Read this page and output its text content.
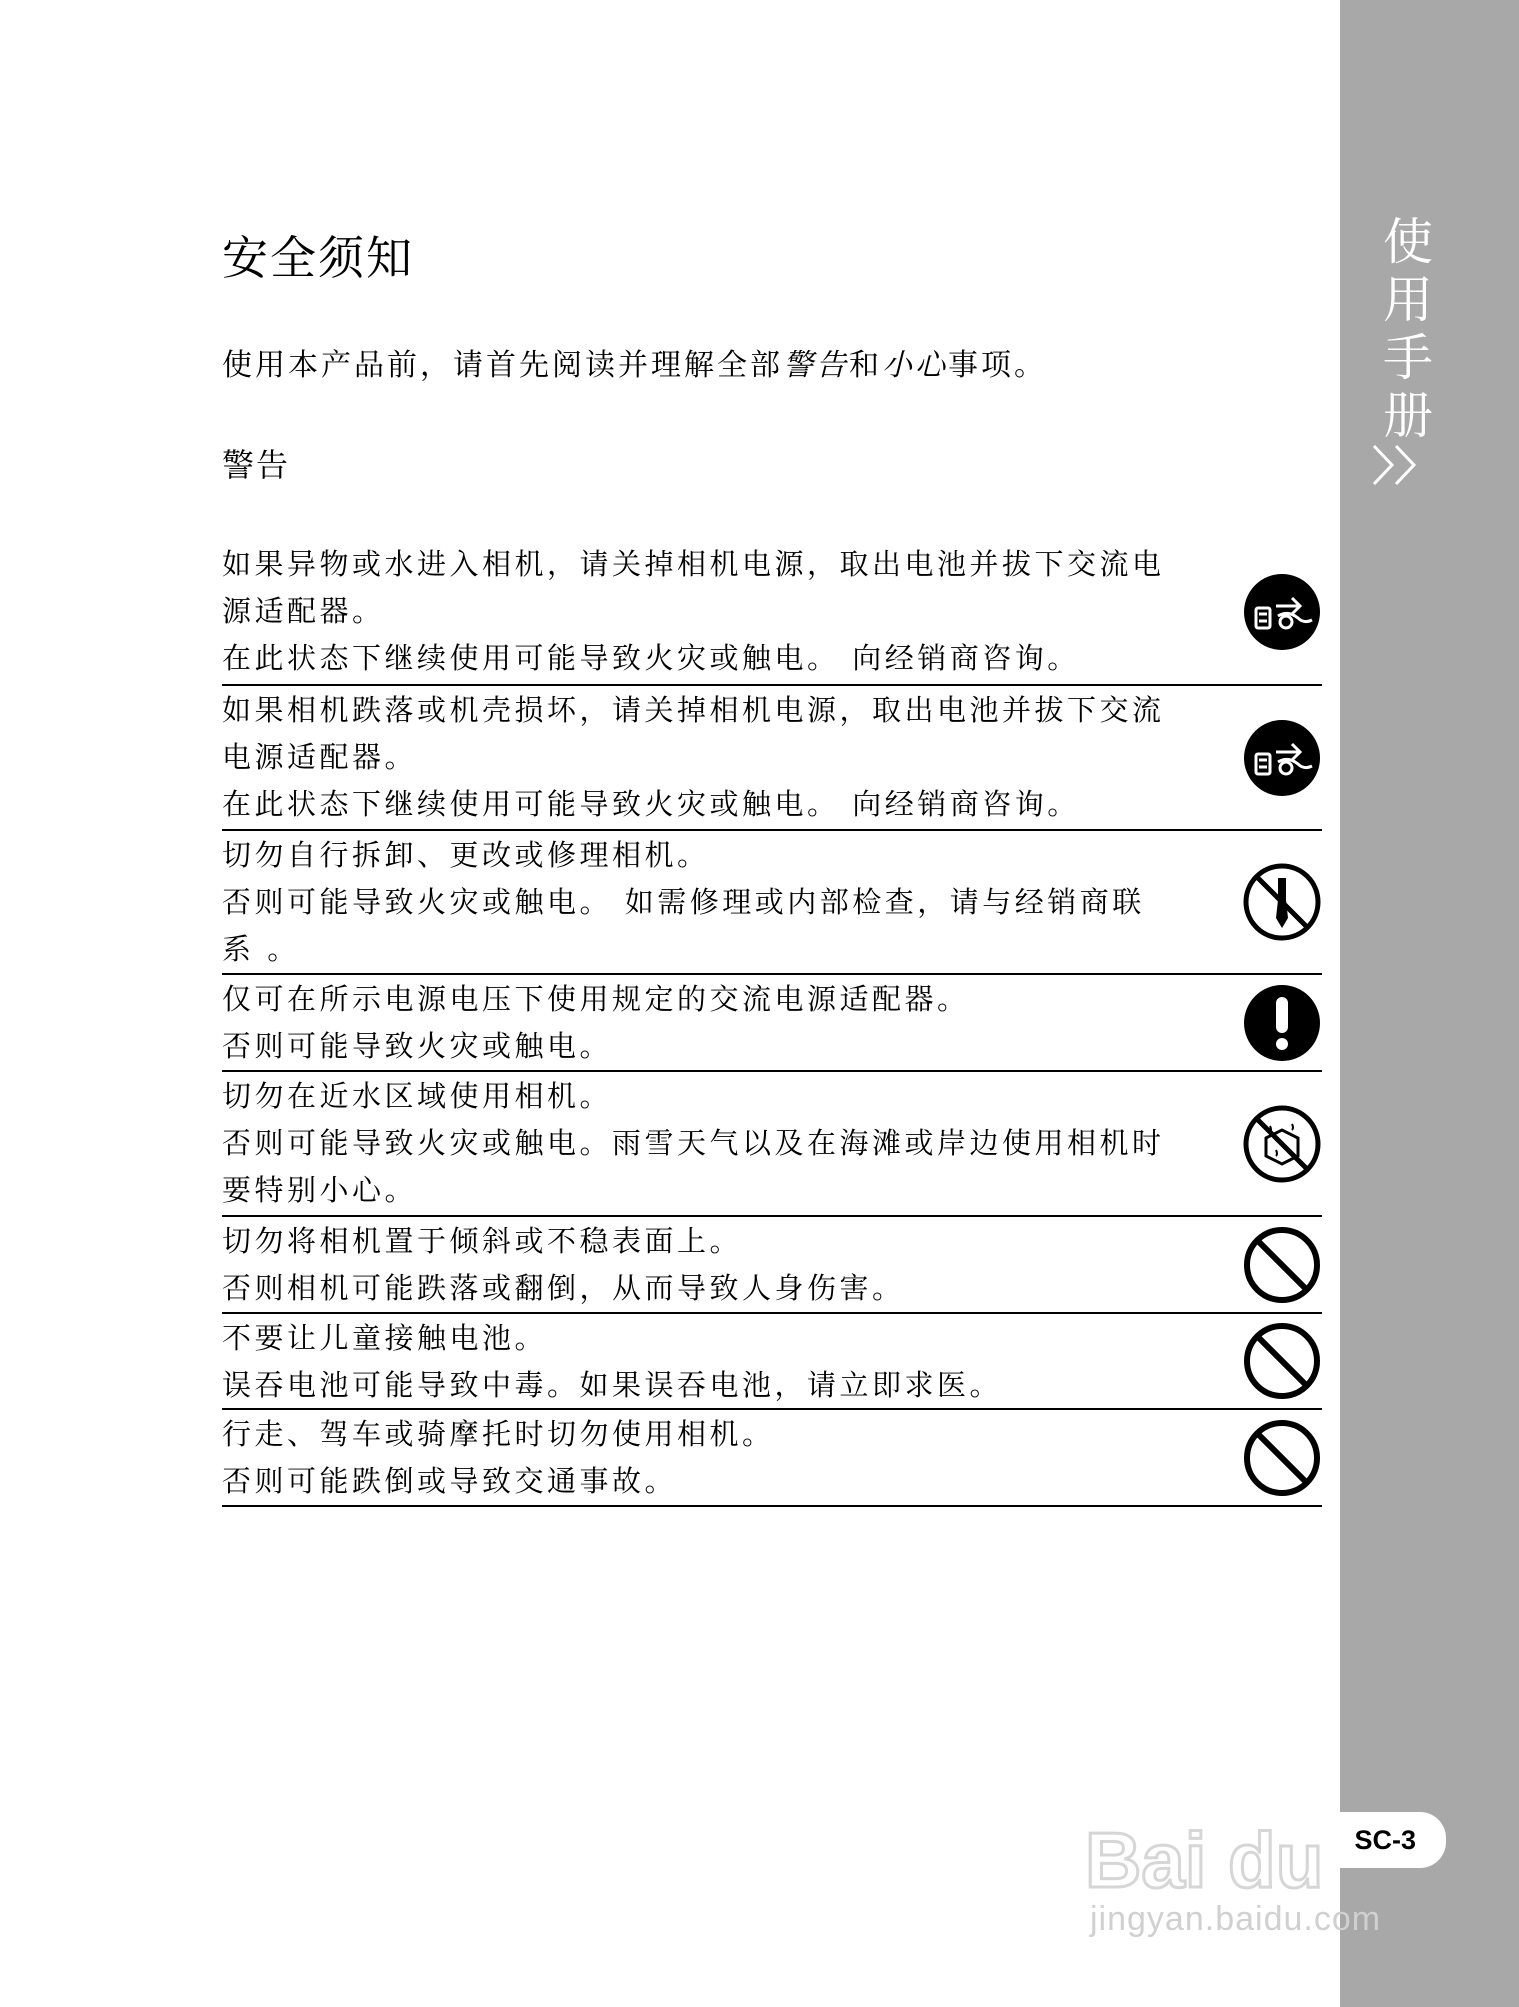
使用手册
安全须知
使用本产品前，请首先阅读并理解全部警告和小心事项。
警告
如果异物或水进入相机，请关掉相机电源，取出电池并拔下交流电
源适配器。
在此状态下继续使用可能导致火灾或触电。 向经销商咨询。
如果相机跌落或机壳损坏，请关掉相机电源，取出电池并拔下交流
电源适配器。
在此状态下继续使用可能导致火灾或触电。 向经销商咨询。
切勿自行拆卸、更改或修理相机。
否则可能导致火灾或触电。 如需修理或内部检查，请与经销商联
系 。
仅可在所示电源电压下使用规定的交流电源适配器。
否则可能导致火灾或触电。
切勿在近水区域使用相机。
否则可能导致火灾或触电。雨雪天气以及在海滩或岸边使用相机时
要特别小心。
切勿将相机置于倾斜或不稳表面上。
否则相机可能跌落或翻倒，从而导致人身伤害。
不要让儿童接触电池。
误吞电池可能导致中毒。如果误吞电池，请立即求医。
行走、驾车或骑摩托时切勿使用相机。
否则可能跌倒或导致交通事故。
SC-3
Bai du
jingyan.baidu.com
